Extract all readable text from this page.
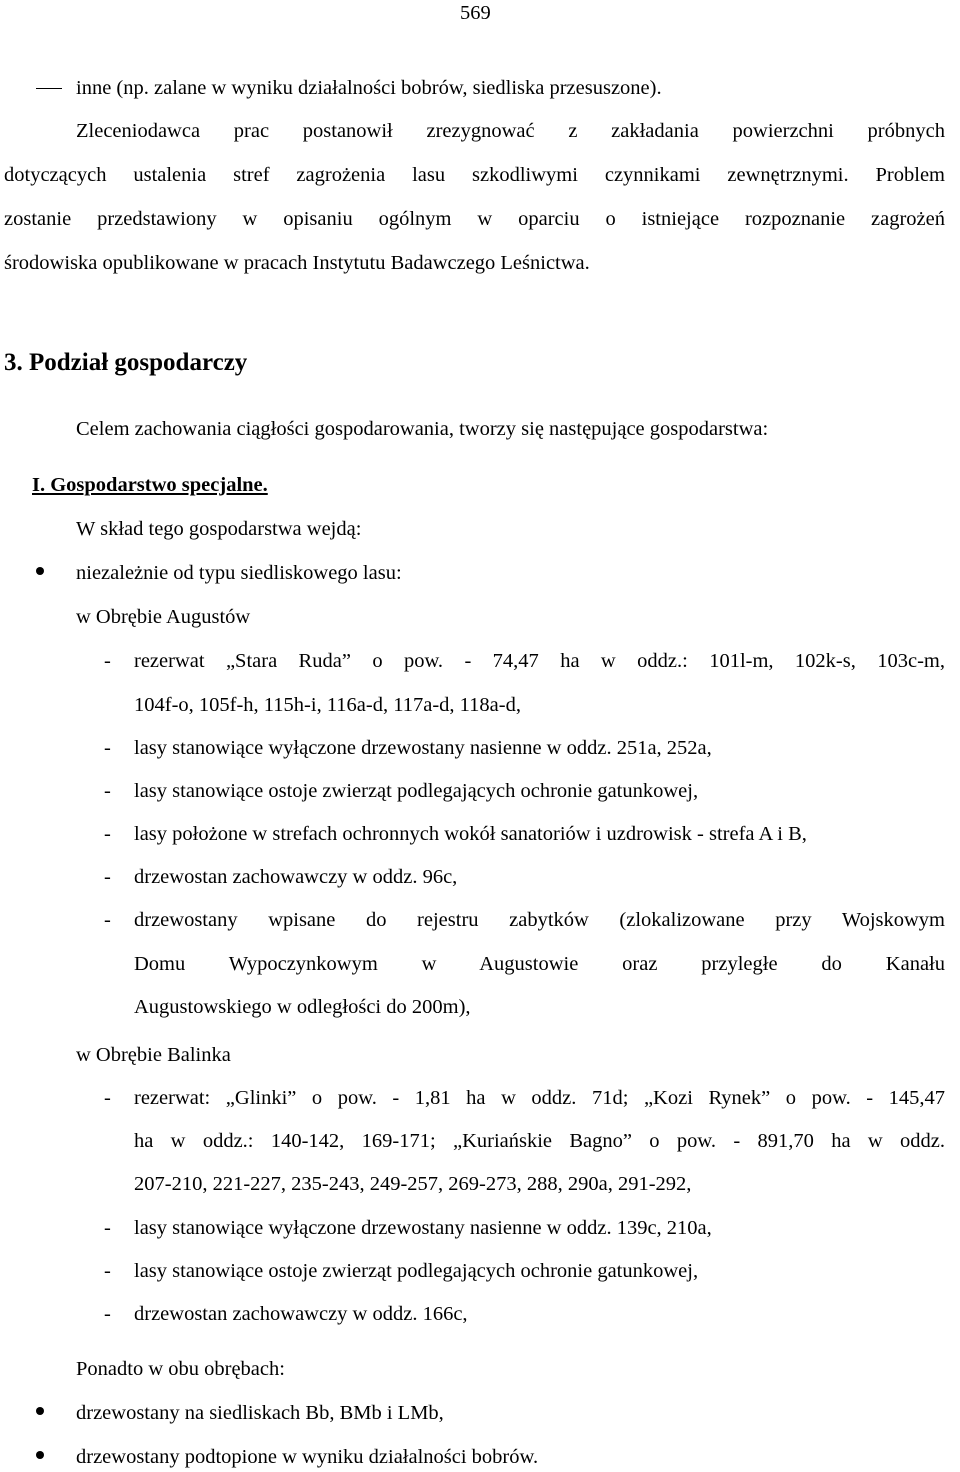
569
inne (np. zalane w wyniku działalności bobrów, siedliska przesuszone).
Zleceniodawca prac postanowił zrezygnować z zakładania powierzchni próbnych
dotyczących ustalenia stref zagrożenia lasu szkodliwymi czynnikami zewnętrznymi. Problem
zostanie przedstawiony w opisaniu ogólnym w oparciu o istniejące rozpoznanie zagrożeń
środowiska opublikowane w pracach Instytutu Badawczego Leśnictwa.
3. Podział gospodarczy
Celem zachowania ciągłości gospodarowania, tworzy się następujące gospodarstwa:
I. Gospodarstwo specjalne.
W skład tego gospodarstwa wejdą:
niezależnie od typu siedliskowego lasu:
w Obrębie Augustów
- rezerwat „Stara Ruda” o pow. - 74,47 ha w oddz.: 101l-m, 102k-s, 103c-m,
104f-o, 105f-h, 115h-i, 116a-d, 117a-d, 118a-d,
- lasy stanowiące wyłączone drzewostany nasienne w oddz. 251a, 252a,
- lasy stanowiące ostoje zwierząt podlegających ochronie gatunkowej,
- lasy położone w strefach ochronnych wokół sanatoriów i uzdrowisk - strefa A i B,
- drzewostan zachowawczy w oddz. 96c,
- drzewostany wpisane do rejestru zabytków (zlokalizowane przy Wojskowym
Domu Wypoczynkowym w Augustowie oraz przyległe do Kanału
Augustowskiego w odległości do 200m),
w Obrębie Balinka
- rezerwat: „Glinki” o pow. - 1,81 ha w oddz. 71d; „Kozi Rynek” o pow. - 145,47
ha w oddz.: 140-142, 169-171; „Kuriańskie Bagno” o pow. - 891,70 ha w oddz.
207-210, 221-227, 235-243, 249-257, 269-273, 288, 290a, 291-292,
- lasy stanowiące wyłączone drzewostany nasienne w oddz. 139c, 210a,
- lasy stanowiące ostoje zwierząt podlegających ochronie gatunkowej,
- drzewostan zachowawczy w oddz. 166c,
Ponadto w obu obrębach:
drzewostany na siedliskach Bb, BMb i LMb,
drzewostany podtopione w wyniku działalności bobrów.
